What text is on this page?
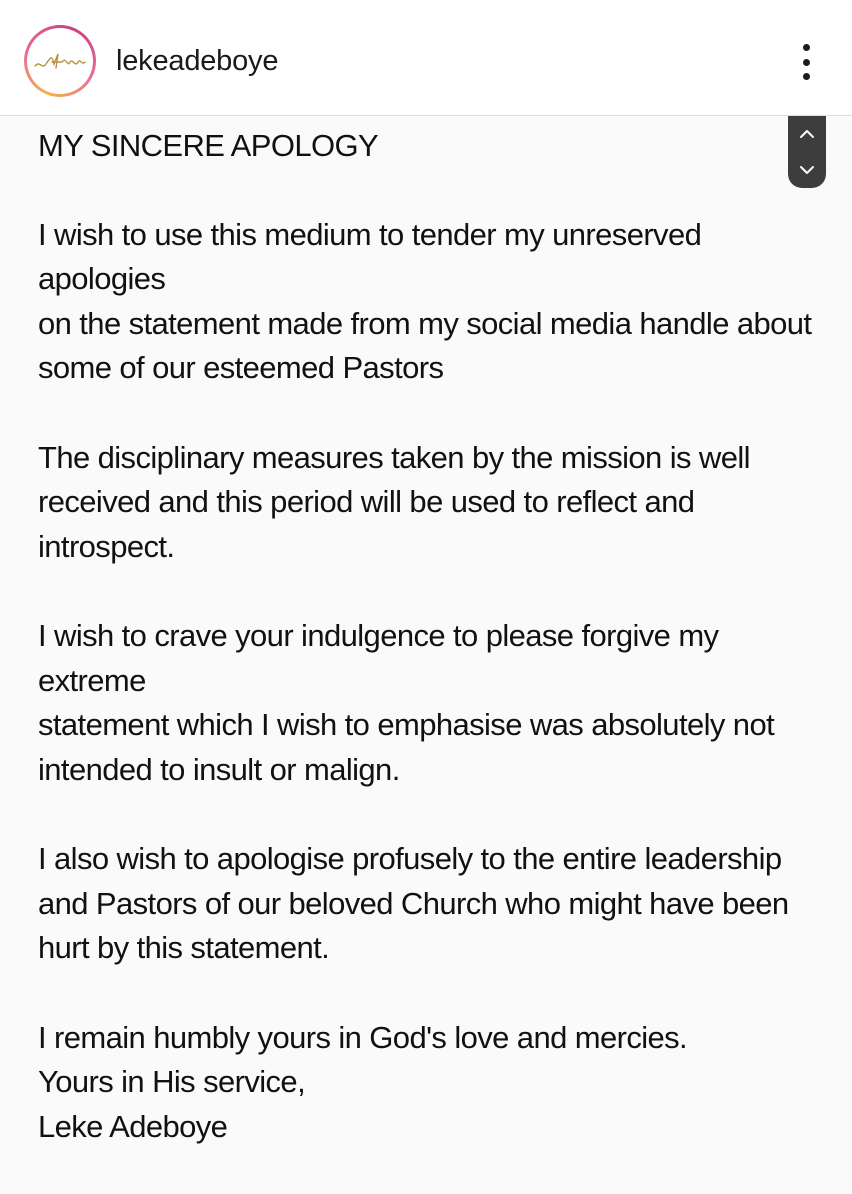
lekeadeboye

MY SINCERE APOLOGY

I wish to use this medium to tender my unreserved apologies
on the statement made from my social media handle about
some of our esteemed Pastors

The disciplinary measures taken by the mission is well
received and this period will be used to reflect and
introspect.

I wish to crave your indulgence to please forgive my extreme
statement which I wish to emphasise was absolutely not
intended to insult or malign.

I also wish to apologise profusely to the entire leadership
and Pastors of our beloved Church who might have been
hurt by this statement.

I remain humbly yours in God's love and mercies.
Yours in His service,
Leke Adeboye
